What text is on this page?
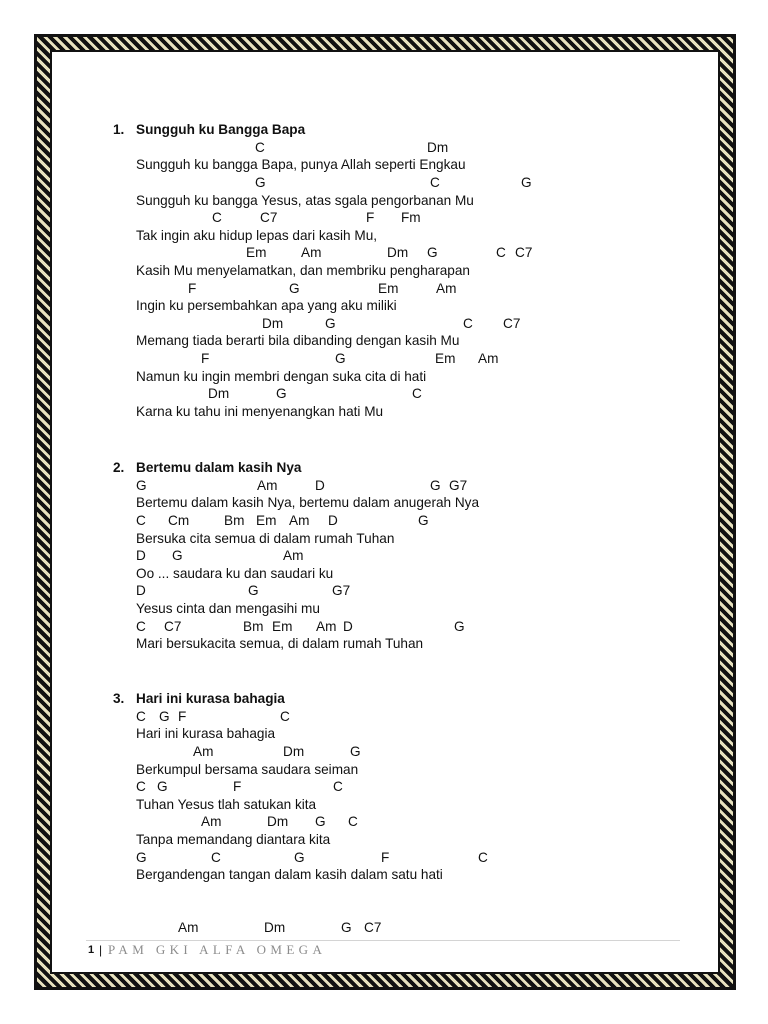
1. Sungguh ku Bangga Bapa
C	Dm
Sungguh ku bangga Bapa, punya Allah seperti Engkau
G	C	G
Sungguh ku bangga Yesus, atas sgala pengorbanan Mu
C	C7	F Fm
Tak ingin aku hidup lepas dari kasih Mu,
Em	Am	Dm G	C C7
Kasih Mu menyelamatkan, dan membriku pengharapan
F	G	Em	Am
Ingin ku persembahkan apa yang aku miliki
Dm	G	C C7
Memang tiada berarti bila dibanding dengan kasih Mu
F	G	Em Am
Namun ku ingin membri dengan suka cita di hati
Dm	G	C
Karna ku tahu ini menyenangkan hati Mu
2. Bertemu dalam kasih Nya
G	Am	D	G G7
Bertemu dalam kasih Nya, bertemu dalam anugerah Nya
C Cm	Bm Em Am D	G
Bersuka cita semua di dalam rumah Tuhan
D G	Am
Oo ... saudara ku dan saudari ku
D	G	G7
Yesus cinta dan mengasihi mu
C C7	Bm Em Am D	G
Mari bersukacita semua, di dalam rumah Tuhan
3. Hari ini kurasa bahagia
C G F	C
Hari ini kurasa bahagia
Am	Dm	G
Berkumpul bersama saudara seiman
C G	F	C
Tuhan Yesus tlah satukan kita
Am	Dm G C
Tanpa memandang diantara kita
G	C	G	F	C
Bergandengan tangan dalam kasih dalam satu hati
Am	Dm	G C7
1 | PAM GKI ALFA OMEGA
